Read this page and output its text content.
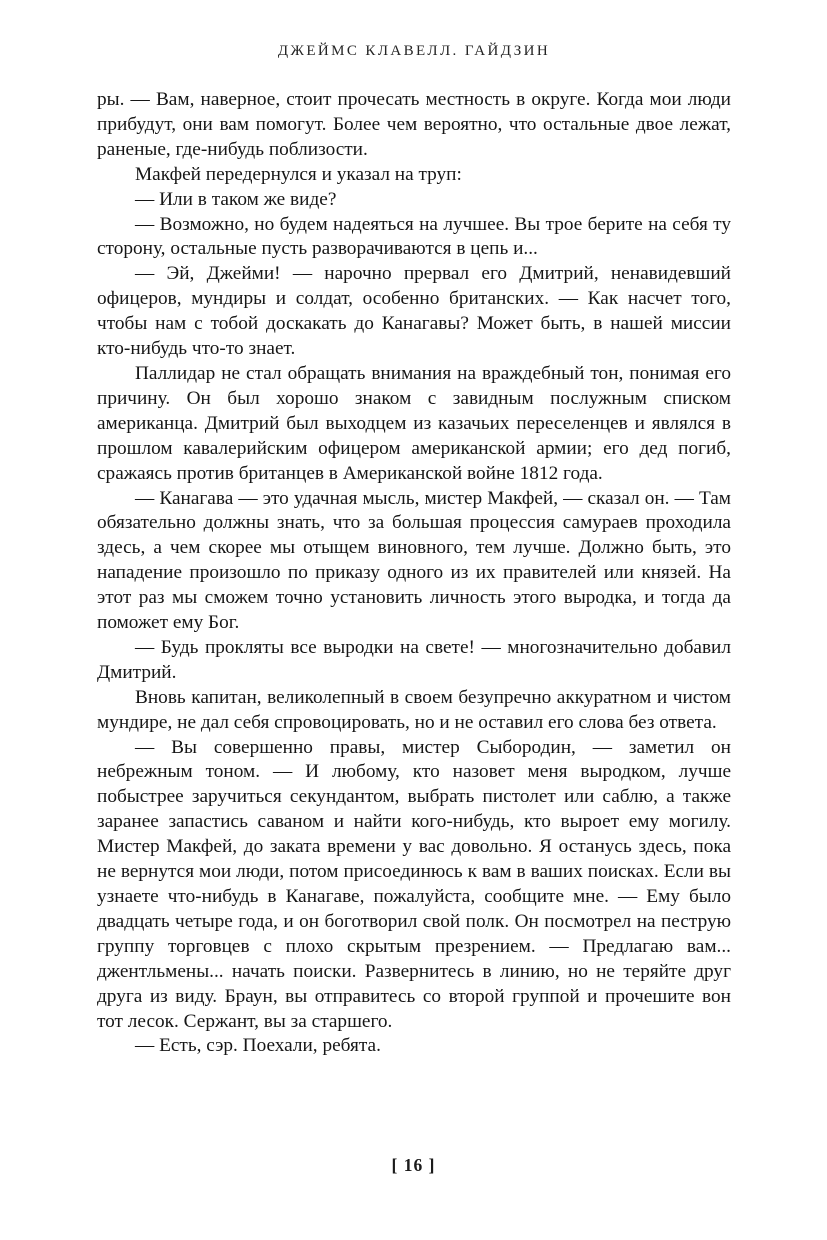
ДЖЕЙМС КЛАВЕЛЛ. ГАЙДЗИН

ры. — Вам, наверное, стоит прочесать местность в округе. Когда мои люди прибудут, они вам помогут. Более чем вероятно, что остальные двое лежат, раненые, где-нибудь поблизости.

Макфей передернулся и указал на труп:

— Или в таком же виде?

— Возможно, но будем надеяться на лучшее. Вы трое берите на себя ту сторону, остальные пусть разворачиваются в цепь и...

— Эй, Джейми! — нарочно прервал его Дмитрий, ненавидевший офицеров, мундиры и солдат, особенно британских. — Как насчет того, чтобы нам с тобой доскакать до Канагавы? Может быть, в нашей миссии кто-нибудь что-то знает.

Паллидар не стал обращать внимания на враждебный тон, понимая его причину. Он был хорошо знаком с завидным послужным списком американца. Дмитрий был выходцем из казачьих переселенцев и являлся в прошлом кавалерийским офицером американской армии; его дед погиб, сражаясь против британцев в Американской войне 1812 года.

— Канагава — это удачная мысль, мистер Макфей, — сказал он. — Там обязательно должны знать, что за большая процессия самураев проходила здесь, а чем скорее мы отыщем виновного, тем лучше. Должно быть, это нападение произошло по приказу одного из их правителей или князей. На этот раз мы сможем точно установить личность этого выродка, и тогда да поможет ему Бог.

— Будь прокляты все выродки на свете! — многозначительно добавил Дмитрий.

Вновь капитан, великолепный в своем безупречно аккуратном и чистом мундире, не дал себя спровоцировать, но и не оставил его слова без ответа.

— Вы совершенно правы, мистер Сыбородин, — заметил он небрежным тоном. — И любому, кто назовет меня выродком, лучше побыстрее заручиться секундантом, выбрать пистолет или саблю, а также заранее запастись саваном и найти кого-нибудь, кто выроет ему могилу. Мистер Макфей, до заката времени у вас довольно. Я останусь здесь, пока не вернутся мои люди, потом присоединюсь к вам в ваших поисках. Если вы узнаете что-нибудь в Канагаве, пожалуйста, сообщите мне. — Ему было двадцать четыре года, и он боготворил свой полк. Он посмотрел на пеструю группу торговцев с плохо скрытым презрением. — Предлагаю вам... джентльмены... начать поиски. Развернитесь в линию, но не теряйте друг друга из виду. Браун, вы отправитесь со второй группой и прочешите вон тот лесок. Сержант, вы за старшего.

— Есть, сэр. Поехали, ребята.

[ 16 ]
